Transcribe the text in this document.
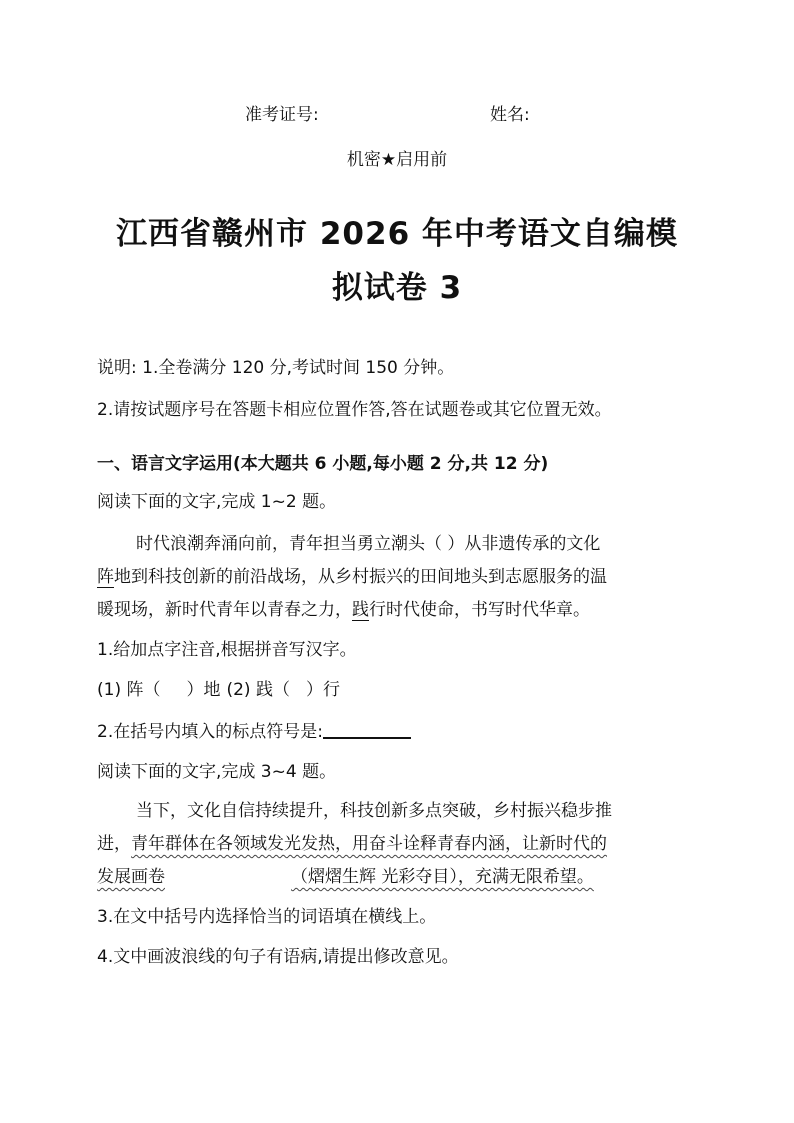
准考证号:	姓名:
机密★启用前
江西省赣州市 2026 年中考语文自编模
拟试卷 3
说明: 1.全卷满分 120 分,考试时间 150 分钟。
2.请按试题序号在答题卡相应位置作答,答在试题卷或其它位置无效。
一、语言文字运用(本大题共 6 小题,每小题 2 分,共 12 分)
阅读下面的文字,完成 1~2 题。
时代浪潮奔涌向前，青年担当勇立潮头（ ）从非遗传承的文化
阵地到科技创新的前沿战场，从乡村振兴的田间地头到志愿服务的温
暖现场，新时代青年以青春之力，践行时代使命，书写时代华章。
1.给加点字注音,根据拼音写汉字。
(1) 阵（ ）地 (2) 践（ ）行
2.在括号内填入的标点符号是:
阅读下面的文字,完成 3~4 题。
当下，文化自信持续提升，科技创新多点突破，乡村振兴稳步推
进，青年群体在各领域发光发热，用奋斗诠释青春内涵，让新时代的
发展画卷	（熠熠生辉 光彩夺目），充满无限希望。
3.在文中括号内选择恰当的词语填在横线上。
4.文中画波浪线的句子有语病,请提出修改意见。
